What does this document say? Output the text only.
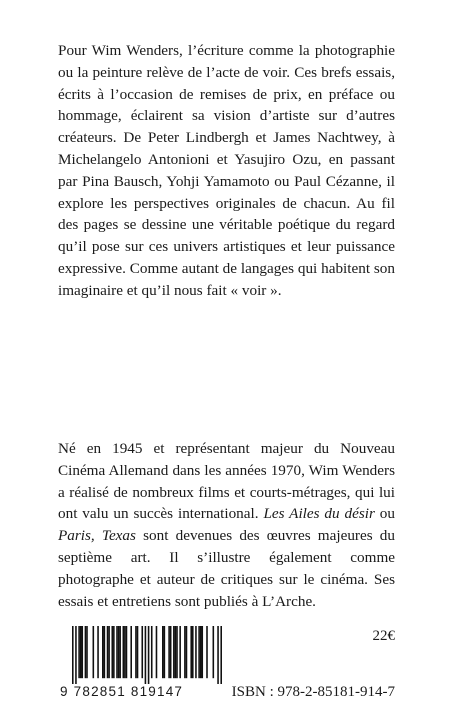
Pour Wim Wenders, l’écriture comme la photographie ou la peinture relève de l’acte de voir. Ces brefs essais, écrits à l’occasion de remises de prix, en préface ou hommage, éclairent sa vision d’artiste sur d’autres créateurs. De Peter Lindbergh et James Nachtwey, à Michelangelo Antonioni et Yasujiro Ozu, en passant par Pina Bausch, Yohji Yamamoto ou Paul Cézanne, il explore les perspectives originales de chacun. Au fil des pages se dessine une véritable poétique du regard qu’il pose sur ces univers artistiques et leur puissance expressive. Comme autant de langages qui habitent son imaginaire et qu’il nous fait « voir ».

Né en 1945 et représentant majeur du Nouveau Cinéma Allemand dans les années 1970, Wim Wenders a réalisé de nombreux films et courts-métrages, qui lui ont valu un succès international. Les Ailes du désir ou Paris, Texas sont devenues des œuvres majeures du septième art. Il s’illustre également comme photographe et auteur de critiques sur le cinéma. Ses essais et entretiens sont publiés à L’Arche.

9 782851 819147
22€
ISBN : 978-2-85181-914-7
